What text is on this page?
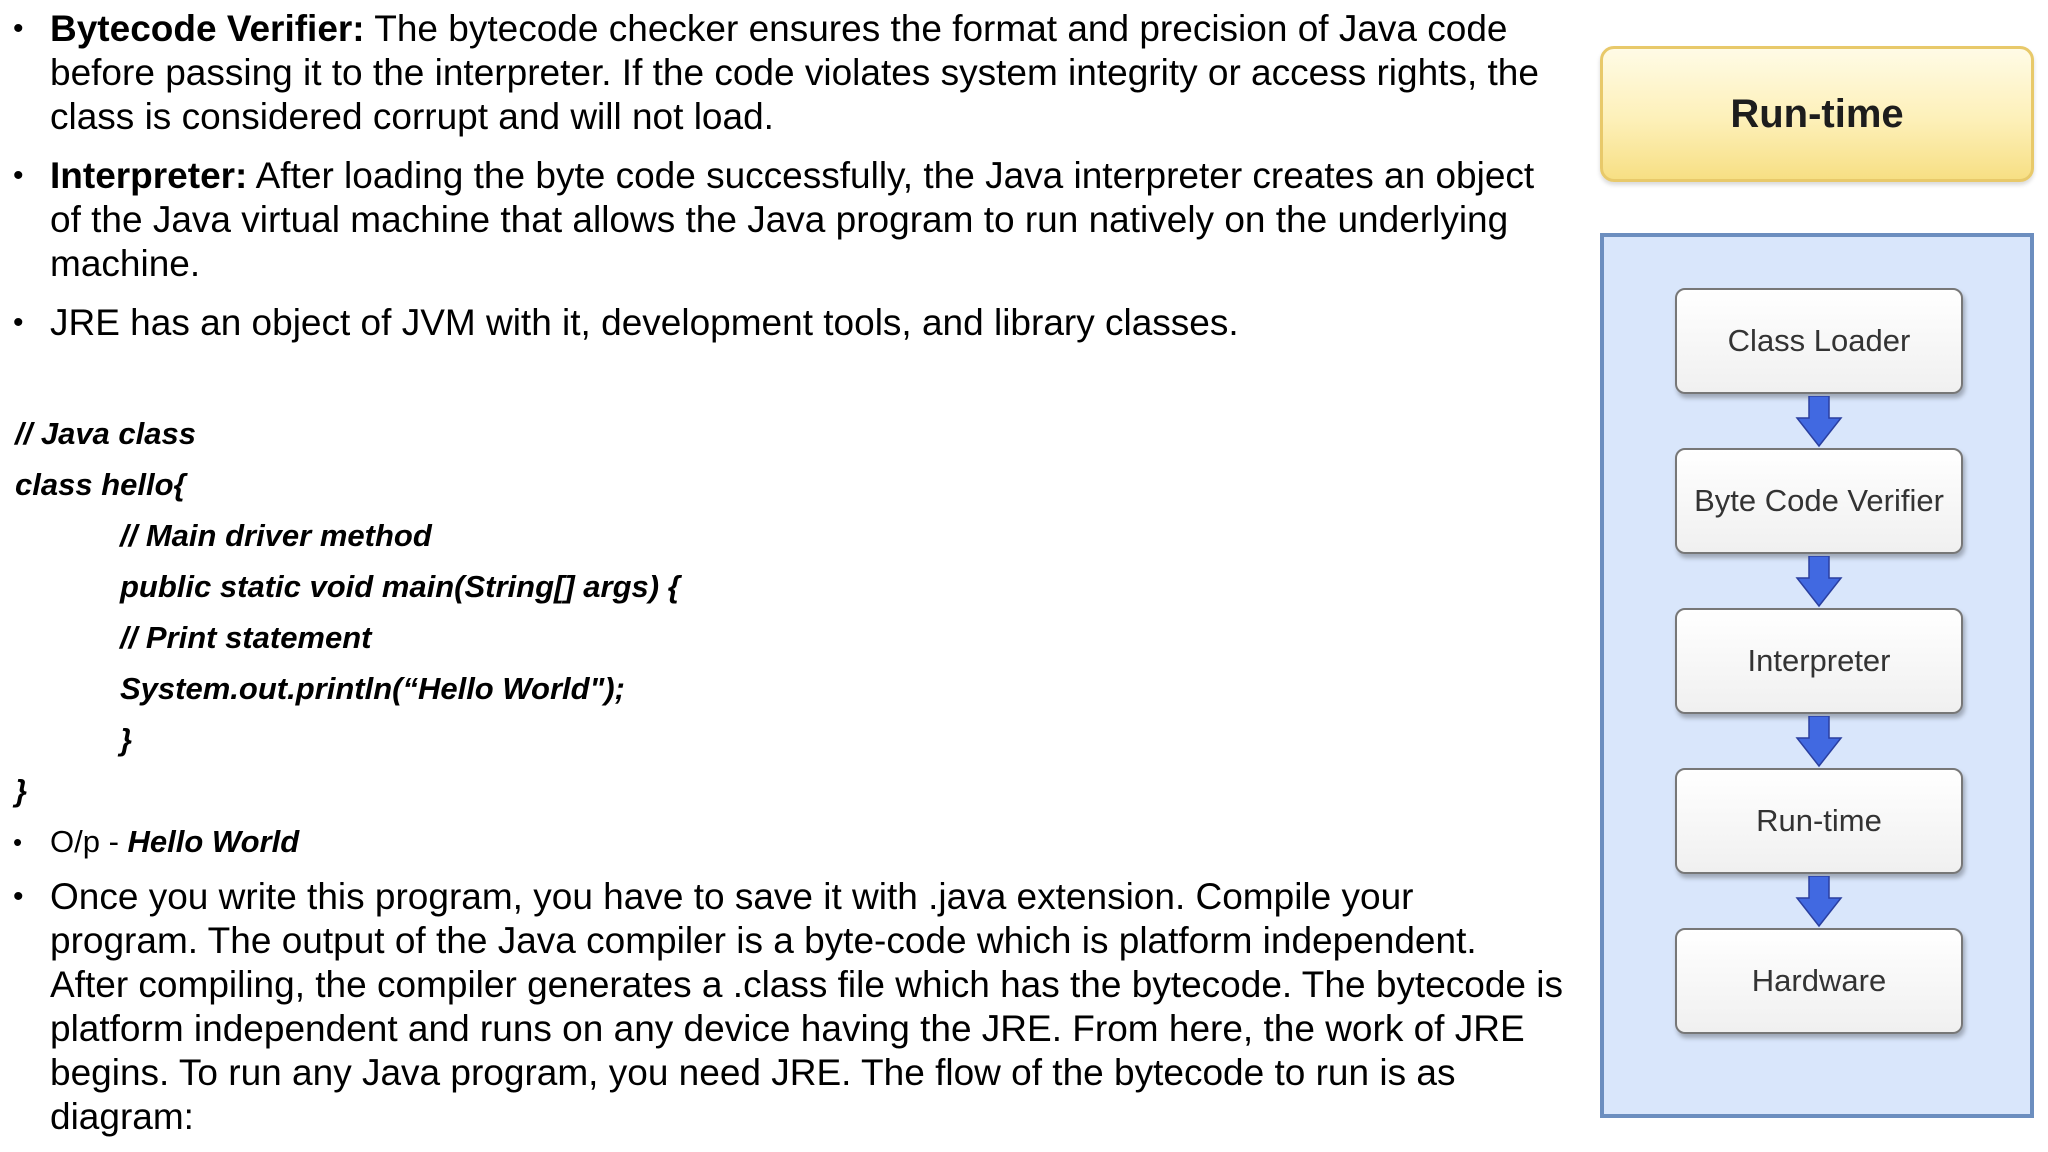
• Bytecode Verifier: The bytecode checker ensures the format and precision of Java code
before passing it to the interpreter. If the code violates system integrity or access rights, the
class is considered corrupt and will not load.
• Interpreter: After loading the byte code successfully, the Java interpreter creates an object
of the Java virtual machine that allows the Java program to run natively on the underlying
machine.
• JRE has an object of JVM with it, development tools, and library classes.
• O/p - Hello World
• Once you write this program, you have to save it with .java extension. Compile your
program. The output of the Java compiler is a byte-code which is platform independent.
After compiling, the compiler generates a .class file which has the bytecode. The bytecode is
platform independent and runs on any device having the JRE. From here, the work of JRE
begins. To run any Java program, you need JRE. The flow of the bytecode to run is as
diagram:
// Java class
class hello{
// Main driver method
public static void main(String[] args) {
// Print statement
System.out.println(“Hello World");
}
}
Run-time
Class Loader
Byte Code Verifier
Interpreter
Run-time
Hardware
